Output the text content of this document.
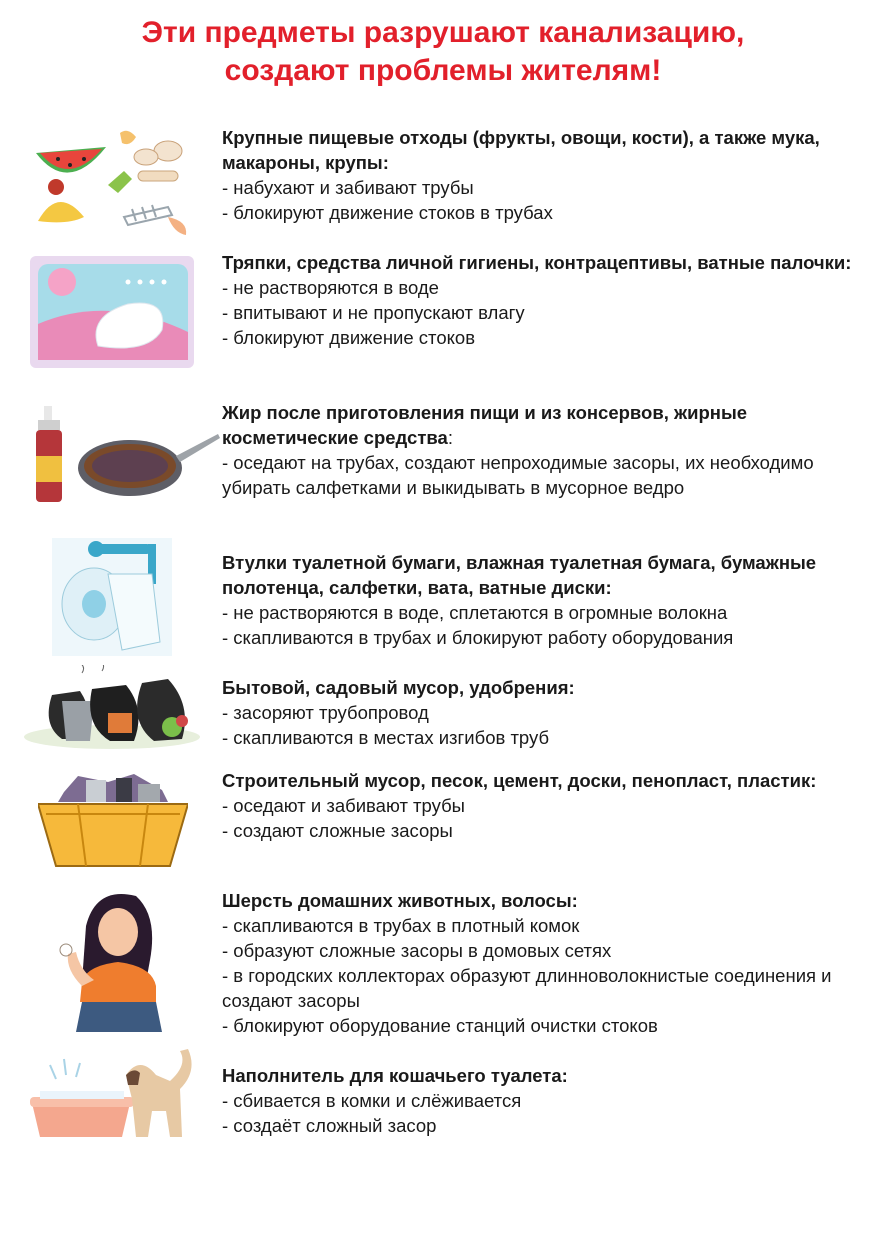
Эти предметы разрушают канализацию,
создают проблемы жителям!
Крупные пищевые отходы (фрукты, овощи, кости), а также мука, макароны, крупы:
- набухают и забивают трубы
- блокируют движение стоков в трубах
Тряпки, средства личной гигиены, контрацептивы, ватные палочки:
- не растворяются в воде
- впитывают и не пропускают влагу
- блокируют движение стоков
Жир после приготовления пищи и из консервов, жирные косметические средства:
- оседают на трубах, создают непроходимые засоры, их необходимо убирать салфетками и выкидывать в мусорное ведро
Втулки туалетной бумаги, влажная туалетная бумага, бумажные полотенца, салфетки, вата, ватные диски:
- не растворяются в воде, сплетаются в огромные волокна
- скапливаются в трубах и блокируют работу оборудования
Бытовой, садовый мусор, удобрения:
- засоряют трубопровод
- скапливаются в местах изгибов труб
Строительный мусор, песок, цемент, доски, пенопласт, пластик:
- оседают и забивают трубы
- создают сложные засоры
Шерсть домашних животных, волосы:
- скапливаются в трубах в плотный комок
- образуют сложные засоры в домовых сетях
- в городских коллекторах образуют длинноволокнистые соединения и создают засоры
- блокируют оборудование станций очистки стоков
Наполнитель для кошачьего туалета:
- сбивается в комки и слёживается
- создаёт сложный засор
